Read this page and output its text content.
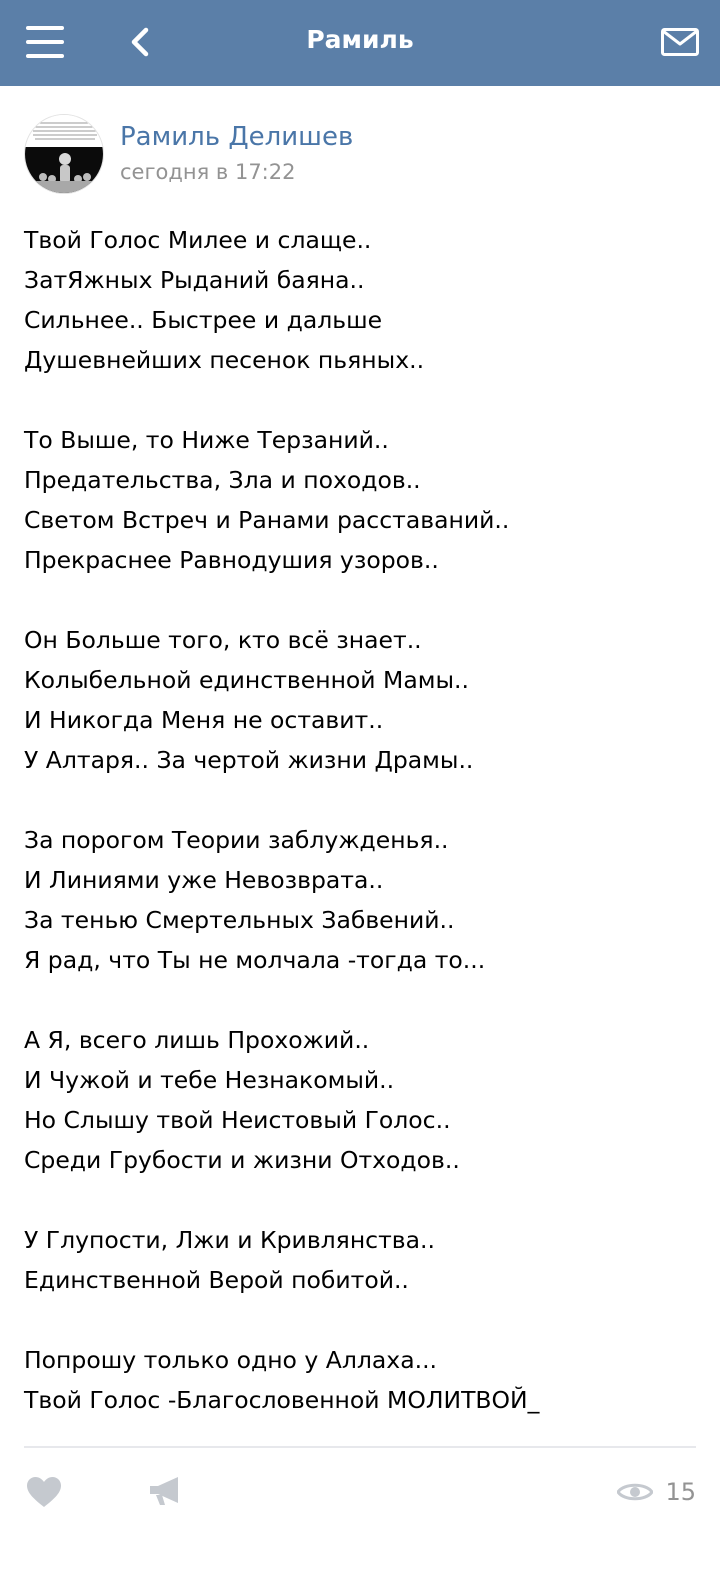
Рамиль
Рамиль Делишев
сегодня в 17:22
Твой Голос Милее и слаще..
ЗатЯжных Рыданий баяна..
Сильнее.. Быстрее и дальше
Душевнейших песенок пьяных..
То Выше, то Ниже Терзаний..
Предательства, Зла и походов..
Светом Встреч и Ранами расставаний..
Прекраснее Равнодушия узоров..
Он Больше того, кто всё знает..
Колыбельной единственной Мамы..
И Никогда Меня не оставит..
У Алтаря.. За чертой жизни Драмы..
За порогом Теории заблужденья..
И Линиями уже Невозврата..
За тенью Смертельных Забвений..
Я рад, что Ты не молчала -тогда то...
А Я, всего лишь Прохожий..
И Чужой и тебе Незнакомый..
Но Слышу твой Неистовый Голос..
Среди Грубости и жизни Отходов..
У Глупости, Лжи и Кривлянства..
Единственной Верой побитой..
Попрошу только одно у Аллаха...
Твой Голос -Благословенной МОЛИТВОЙ_
15
